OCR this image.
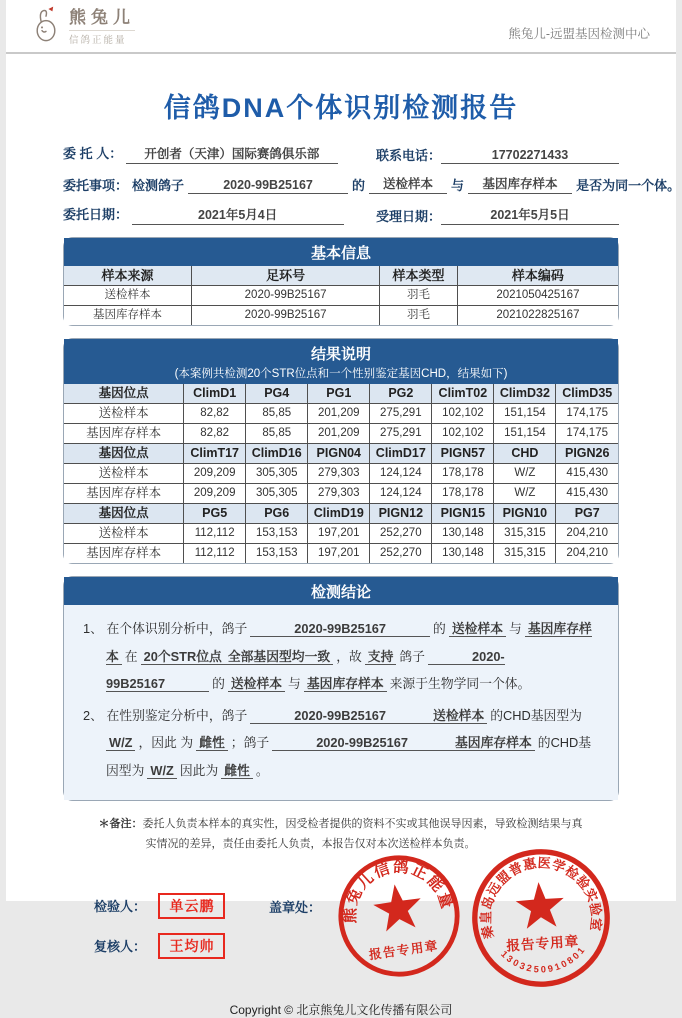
熊兔儿
信鸽正能量	熊兔儿-远盟基因检测中心
信鸽DNA个体识别检测报告
委 托 人： 开创者（天津）国际赛鸽俱乐部	联系电话：	17702271433
委托事项： 检测鸽子	2020-99B25167	的	送检样本	与	基因库存样本	是否为同一个体。
委托日期：	2021年5月4日	受理日期：	2021年5月5日
基本信息
样本来源	足环号	样本类型	样本编码
送检样本	2020-99B25167	羽毛	2021050425167
基因库存样本	2020-99B25167	羽毛	2021022825167
结果说明
(本案例共检测20个STR位点和一个性别鉴定基因CHD，结果如下)
基因位点	ClimD1	PG4	PG1	PG2	ClimT02	ClimD32	ClimD35
送检样本	82,82	85,85	201,209	275,291	102,102	151,154	174,175
基因库存样本	82,82	85,85	201,209	275,291	102,102	151,154	174,175
基因位点	ClimT17	ClimD16	PIGN04	ClimD17	PIGN57	CHD	PIGN26
送检样本	209,209	305,305	279,303	124,124	178,178	W/Z	415,430
基因库存样本	209,209	305,305	279,303	124,124	178,178	W/Z	415,430
基因位点	PG5	PG6	ClimD19	PIGN12	PIGN15	PIGN10	PG7
送检样本	112,112	153,153	197,201	252,270	130,148	315,315	204,210
基因库存样本	112,112	153,153	197,201	252,270	130,148	315,315	204,210
检测结论

1、 在个体识别分析中，鸽子	2020-99B25167	的 送检样本 与 基因库存样本 在 20个STR位点 全部基因型均一致 ，故 支持 鸽子	2020-99B25167	的 送检样本 与 基因库存样本 来源于生物学同一个体。

2、 在性别鉴定分析中，鸽子	2020-99B25167	送检样本 的CHD基因型为W/Z ，因此 为 雌性 ；鸽子	2020-99B25167	基因库存样本 的CHD基因型为 W/Z 因此为 雌性 。

＊备注：委托人负责本样本的真实性，因受检者提供的资料不实或其他误导因素，导致检测结果与真实情况的差异，责任由委托人负责，本报告仅对本次送检样本负责。
检验人： 单云鹏
复核人： 王均帅
盖章处：	熊兔儿信鸽正能量
报告专用章
秦皇岛远盟普惠医学检验实验室
报告专用章
1303250910801
Copyright © 北京熊兔儿文化传播有限公司
